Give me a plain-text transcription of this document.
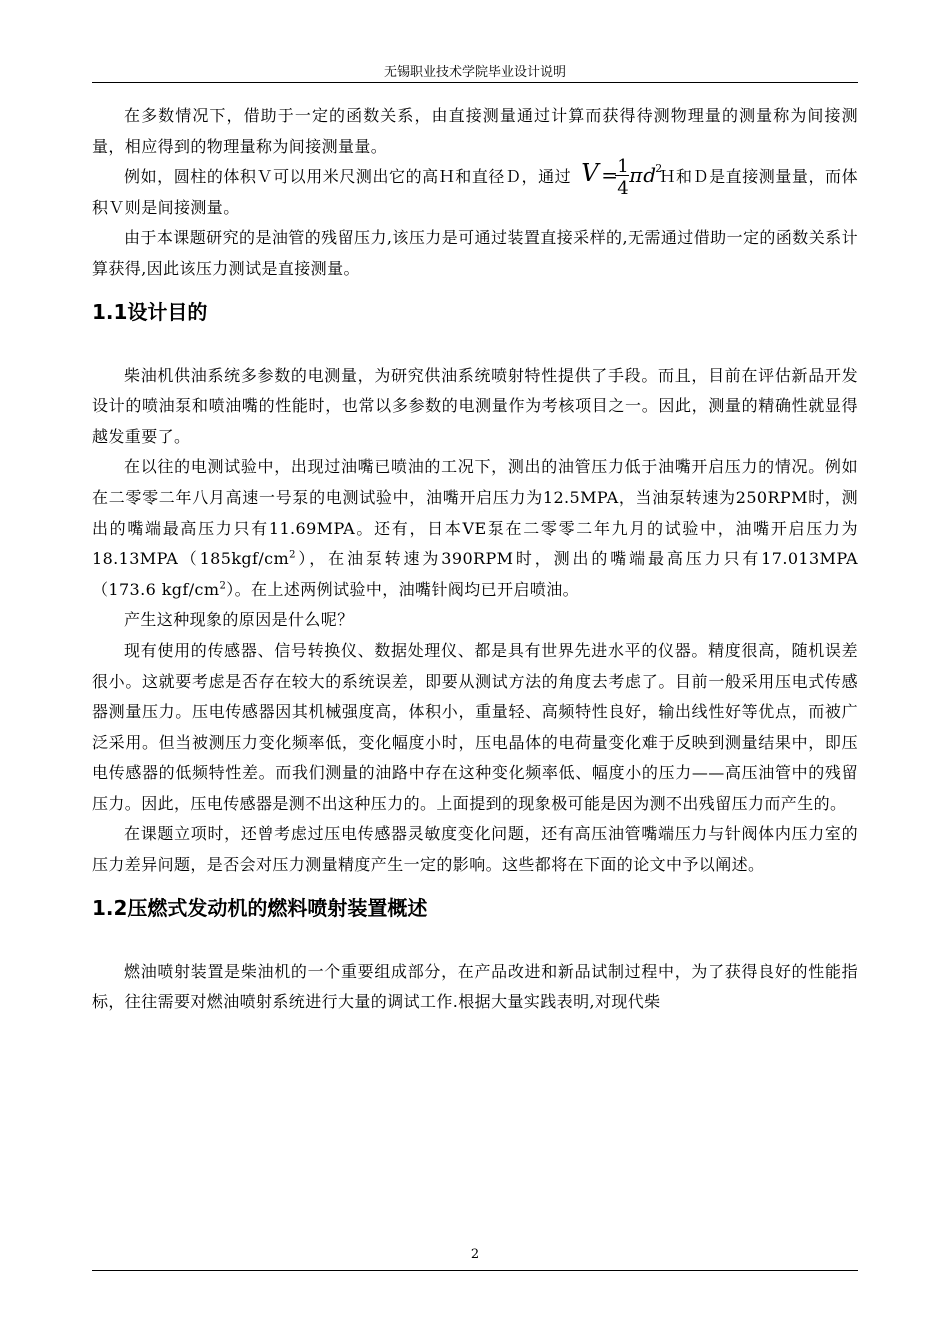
无锡职业技术学院毕业设计说明

在多数情况下，借助于一定的函数关系，由直接测量通过计算而获得待测物理量的测量称为间接测量，相应得到的物理量称为间接测量量。

例如，圆柱的体积Ｖ可以用米尺测出它的高Ｈ和直径Ｄ，通过 V =
1
4
π d
2
Ｈ和Ｄ是直接测量量，而体积Ｖ则是间接测量。

由于本课题研究的是油管的残留压力,该压力是可通过装置直接采样的,无需通过借助一定的函数关系计算获得,因此该压力测试是直接测量。

1.1设计目的

柴油机供油系统多参数的电测量，为研究供油系统喷射特性提供了手段。而且，目前在评估新品开发设计的喷油泵和喷油嘴的性能时，也常以多参数的电测量作为考核项目之一。因此，测量的精确性就显得越发重要了。

在以往的电测试验中，出现过油嘴已喷油的工况下，测出的油管压力低于油嘴开启压力的情况。例如在二零零二年八月高速一号泵的电测试验中，油嘴开启压力为12.5MPA，当油泵转速为250RPM时，测出的嘴端最高压力只有11.69MPA。还有，日本VE泵在二零零二年九月的试验中，油嘴开启压力为$18.13MPA(185kgf/cm^2)$，在油泵转速为390RPM时，测出的嘴端最高压力只有17.013MPA（173.6 kgf/$cm^2$）。在上述两例试验中，油嘴针阀均已开启喷油。

产生这种现象的原因是什么呢？

现有使用的传感器、信号转换仪、数据处理仪、都是具有世界先进水平的仪器。精度很高，随机误差很小。这就要考虑是否存在较大的系统误差，即要从测试方法的角度去考虑了。目前一般采用压电式传感器测量压力。压电传感器因其机械强度高，体积小，重量轻、高频特性良好，输出线性好等优点，而被广泛采用。但当被测压力变化频率低，变化幅度小时，压电晶体的电荷量变化难于反映到测量结果中，即压电传感器的低频特性差。而我们测量的油路中存在这种变化频率低、幅度小的压力——高压油管中的残留压力。因此，压电传感器是测不出这种压力的。上面提到的现象极可能是因为测不出残留压力而产生的。

在课题立项时，还曾考虑过压电传感器灵敏度变化问题，还有高压油管嘴端压力与针阀体内压力室的压力差异问题，是否会对压力测量精度产生一定的影响。这些都将在下面的论文中予以阐述。

1.2压燃式发动机的燃料喷射装置概述

燃油喷射装置是柴油机的一个重要组成部分，在产品改进和新品试制过程中，为了获得良好的性能指标，往往需要对燃油喷射系统进行大量的调试工作.根据大量实践表明,对现代柴

2
